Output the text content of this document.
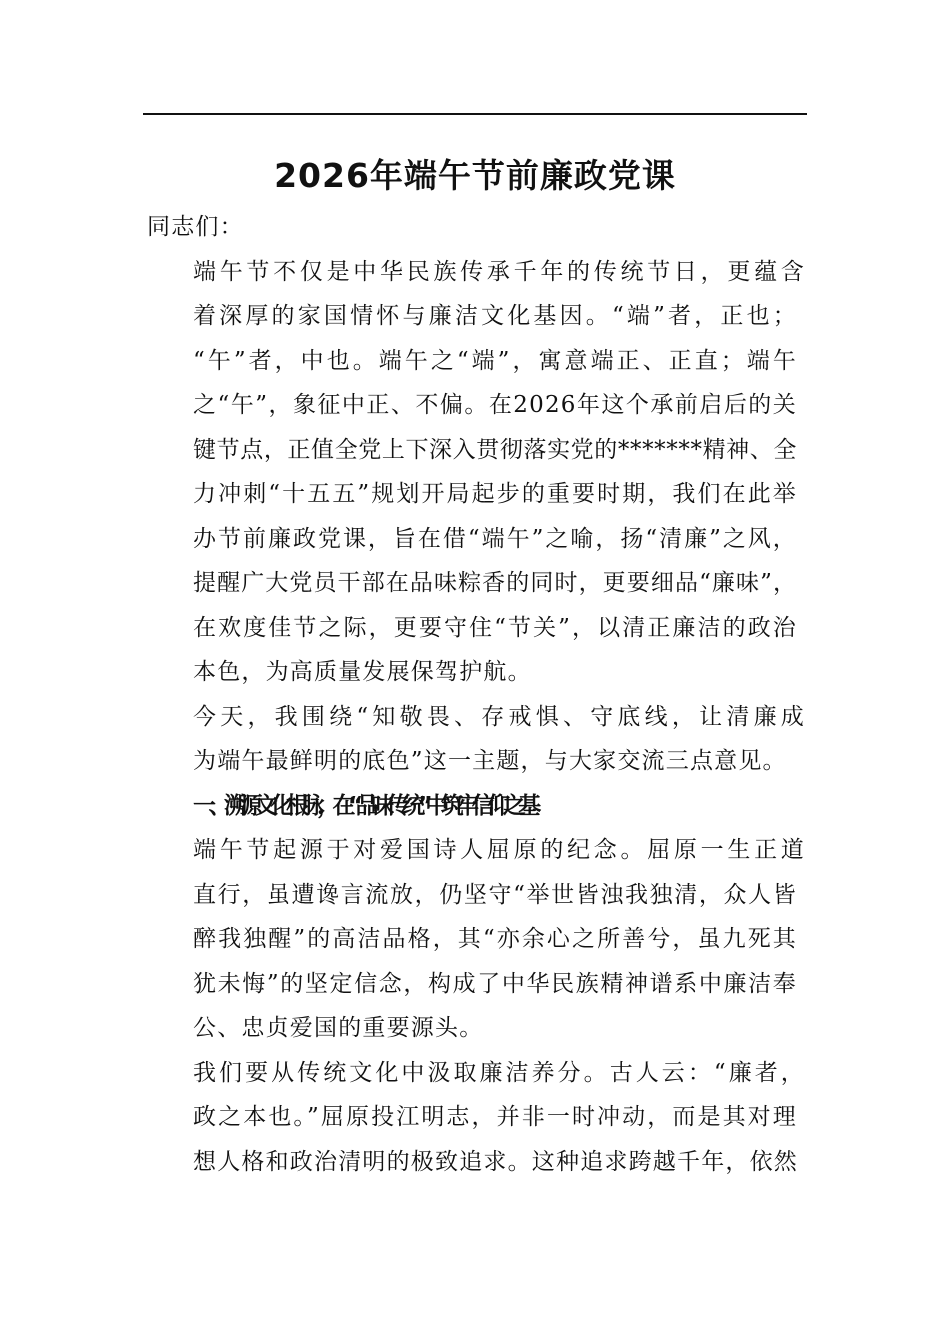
2026年端午节前廉政党课

同志们：

端午节不仅是中华民族传承千年的传统节日，更蕴含
着深厚的家国情怀与廉洁文化基因。“端”者，正也；
“午”者，中也。端午之“端”，寓意端正、正直；端午
之“午”，象征中正、不偏。在2026年这个承前启后的关
键节点，正值全党上下深入贯彻落实党的*******精神、全
力冲刺“十五五”规划开局起步的重要时期，我们在此举
办节前廉政党课，旨在借“端午”之喻，扬“清廉”之风，
提醒广大党员干部在品味粽香的同时，更要细品“廉味”，
在欢度佳节之际，更要守住“节关”，以清正廉洁的政治
本色，为高质量发展保驾护航。

今天，我围绕“知敬畏、存戒惧、守底线，让清廉成
为端午最鲜明的底色”这一主题，与大家交流三点意见。

一、溯源文化根脉，在“品味传统”中筑牢信仰之基

端午节起源于对爱国诗人屈原的纪念。屈原一生正道
直行，虽遭谗言流放，仍坚守“举世皆浊我独清，众人皆
醉我独醒”的高洁品格，其“亦余心之所善兮，虽九死其
犹未悔”的坚定信念，构成了中华民族精神谱系中廉洁奉
公、忠贞爱国的重要源头。

我们要从传统文化中汲取廉洁养分。古人云：“廉者，
政之本也。”屈原投江明志，并非一时冲动，而是其对理
想人格和政治清明的极致追求。这种追求跨越千年，依然
